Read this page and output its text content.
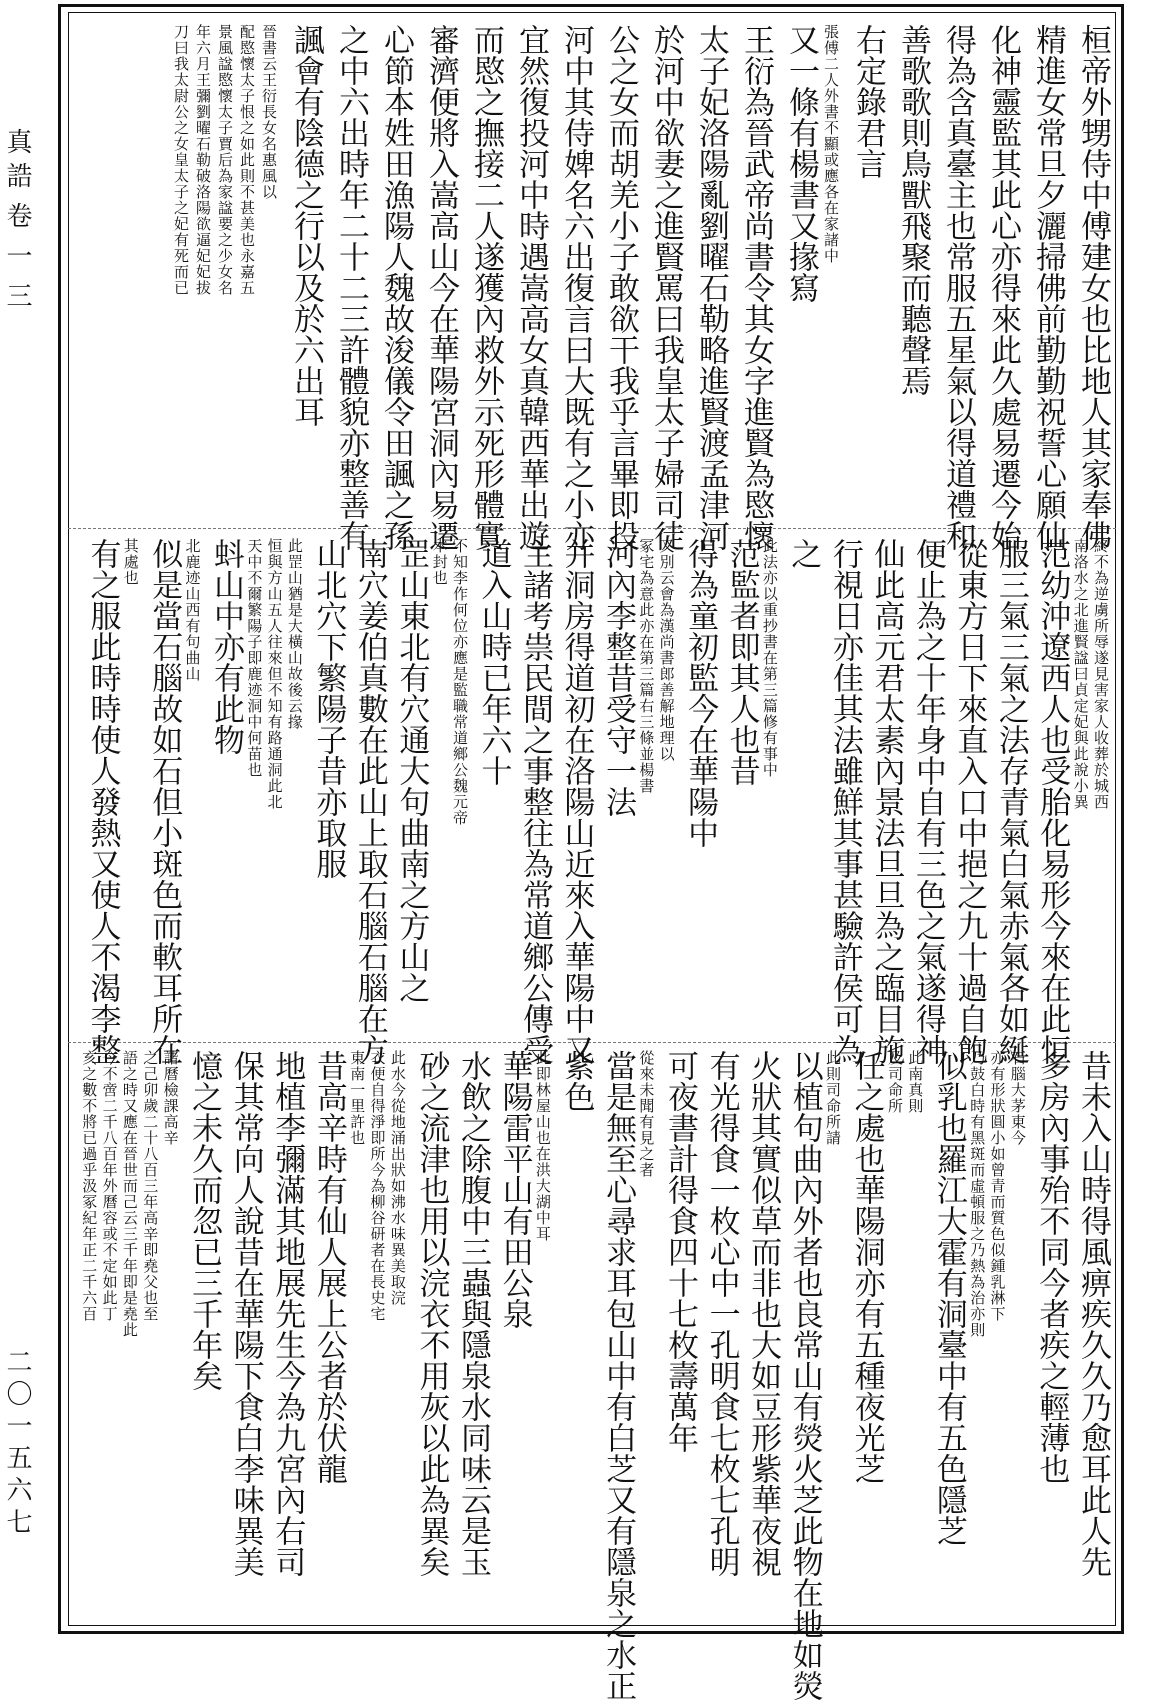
真誥
卷一三
二〇一五六七
桓帝外甥侍中傅建女也比地人其家奉佛
精進女常旦夕灑掃佛前勤勤祝誓心願仙
化神靈監其此心亦得來此久處易遷今始
得為含真臺主也常服五星氣以得道禮和
善歌歌則鳥獸飛聚而聽聲焉
右定錄君言
張傅二人外書不顯或應各在家諸中
又一條有楊書又掾寫
王衍為晉武帝尚書令其女字進賢為愍懷
太子妃洛陽亂劉曜石勒略進賢渡孟津河
於河中欲妻之進賢罵曰我皇太子婦司徒
公之女而胡羌小子敢欲干我乎言畢即投
河中其侍婢名六出復言曰大既有之小亦
宜然復投河中時遇嵩高女真韓西華出遊
而愍之撫接二人遂獲內救外示死形體實
審濟便將入嵩高山今在華陽宮洞內易遷
心節本姓田漁陽人魏故浚儀令田諷之孫
之中六出時年二十二三許體貌亦整善有
諷會有陰德之行以及於六出耳
晉書云王衍長女名惠風以
配愍懷太子恨之如此則不甚美也永嘉五
景風諡愍懷太子賈后為家諡要之少女名
年六月王彌劉曜石勒破洛陽欲逼妃妃拔
刀曰我太尉公之女皇太子之妃有死而已
終不為逆虜所辱遂見害家人收葬於城西
南洛水之北進賢諡曰貞定妃與此說小異
范幼沖遼西人也受胎化易形今來在此恒
服三氣三氣之法存青氣白氣赤氣各如綖
從東方日下來直入口中挹之九十過自飽
便止為之十年身中自有三色之氣遂得神
仙此高元君太素內景法旦旦為之臨目施
行視日亦佳其法雖鮮其事甚驗許侯可為
之
此法亦以重抄書在第三篇修有事中
范監者即其人也昔
得為童初監今在華陽中
又別云會為漢尚書郎善解地理以
冢宅為意此亦在第三篇右三條並楊書
河內李整昔受守一法
并洞房得道初在洛陽山近來入華陽中又
主諸考祟民間之事整往為常道鄉公傳受
道入山時已年六十
不知李作何位亦應是監職常道鄉公魏元帝
本封也
罡山東北有穴通大句曲南之方山之
南穴姜伯真數在此山上取石腦石腦在方
山北穴下繁陽子昔亦取服
此罡山猶是大橫山故後云掾
恒與方山五人往來但不知有路通洞此北
天中不爾繁陽子即鹿迹洞中何苗也
蚪山中亦有此物
北鹿迹山西有句曲山
似是當石腦故如石但小斑色而軟耳所在
其處也
有之服此時時使人發熱又使人不渴李整
昔未入山時得風痹疾久久乃愈耳此人先
多房內事殆不同今者疾之輕薄也
石腦大茅東今
亦有形狀圓小如曾青而質色似鍾乳淋下
乃鼓白時有黑斑而虛頓服之乃熱為治亦則
似乳也羅江大霍有洞臺中有五色隱芝
此南真則
及司命所
任之處也華陽洞亦有五種夜光芝
此則司命所請
以植句曲內外者也良常山有熒火芝此物在地如熒
火狀其實似草而非也大如豆形紫華夜視
有光得食一枚心中一孔明食七枚七孔明
可夜書計得食四十七枚壽萬年
從來未聞有見之者
當是無至心尋求耳包山中有白芝又有隱泉之水正
紫色
此即林屋山也在洪大湖中耳
華陽雷平山有田公泉
水飲之除腹中三蟲與隱泉水同味云是玉
砂之流津也用以浣衣不用灰以此為異矣
此水今從地涌出狀如沸水味異美取浣
衣便自得淨即所今為柳谷研者在長史宅
東南一里許也
昔高辛時有仙人展上公者於伏龍
地植李彌滿其地展先生今為九宮內右司
保其常向人說昔在華陽下食白李味異美
憶之未久而忽已三千年矣
諸曆檢課高辛
之己卯歲二十八百三年高辛即堯父也至
語之時又應在晉世而己云三千年即是堯此
今不啻二千八百年外曆容或不定如此丁
亥之數不將已過乎汲冢紀年正二千六百
